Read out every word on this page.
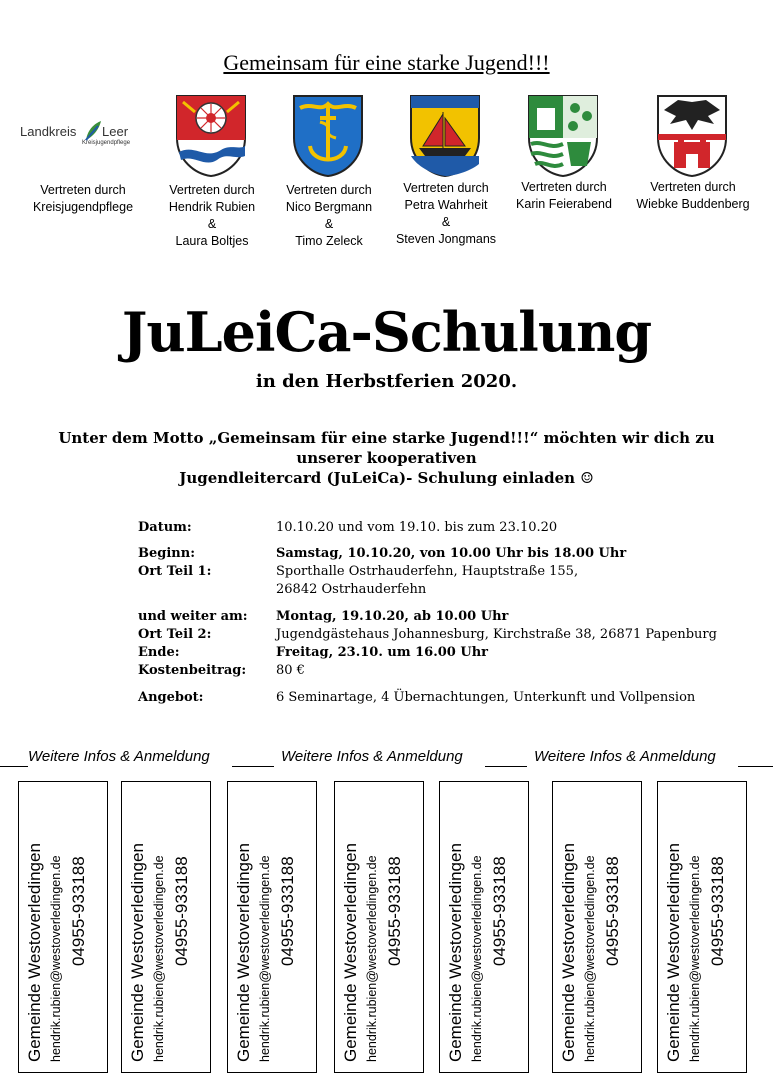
Gemeinsam für eine starke Jugend!!!
Landkreis Leer
Kreisjugendpflege
Vertreten durch
Kreisjugendpflege
Vertreten durch
Hendrik Rubien
&
Laura Boltjes
Vertreten durch
Nico Bergmann
&
Timo Zeleck
Vertreten durch
Petra Wahrheit
&
Steven Jongmans
Vertreten durch
Karin Feierabend
Vertreten durch
Wiebke Buddenberg
JuLeiCa-Schulung
in den Herbstferien 2020.
Unter dem Motto „Gemeinsam für eine starke Jugend!!!“ möchten wir dich zu
unserer kooperativen
Jugendleitercard (JuLeiCa)- Schulung einladen ☺
Datum:	10.10.20 und vom 19.10. bis zum 23.10.20
Beginn:	Samstag, 10.10.20, von 10.00 Uhr bis 18.00 Uhr
Ort Teil 1:	Sporthalle Ostrhauderfehn, Hauptstraße 155,
26842 Ostrhauderfehn
und weiter am: Montag, 19.10.20, ab 10.00 Uhr
Ort Teil 2:	Jugendgästehaus Johannesburg, Kirchstraße 38, 26871 Papenburg
Ende:	Freitag, 23.10. um 16.00 Uhr
Kostenbeitrag: 80 €
Angebot:	6 Seminartage, 4 Übernachtungen, Unterkunft und Vollpension
Weitere Infos & Anmeldung	Weitere Infos & Anmeldung	Weitere Infos & Anmeldung
Gemeinde Westoverledingen hendrik.rubien@westoverledingen.de 04955-933188 Gemeinde Westoverledingen hendrik.rubien@westoverledingen.de 04955-933188	Gemeinde Westoverledingen hendrik.rubien@westoverledingen.de 04955-933188	Gemeinde Westoverledingen hendrik.rubien@westoverledingen.de 04955-933188 Gemeinde Westoverledingen hendrik.rubien@westoverledingen.de 04955-933188	Gemeinde Westoverledingen hendrik.rubien@westoverledingen.de 04955-933188 Gemeinde Westoverledingen hendrik.rubien@westoverledingen.de 04955-933188
